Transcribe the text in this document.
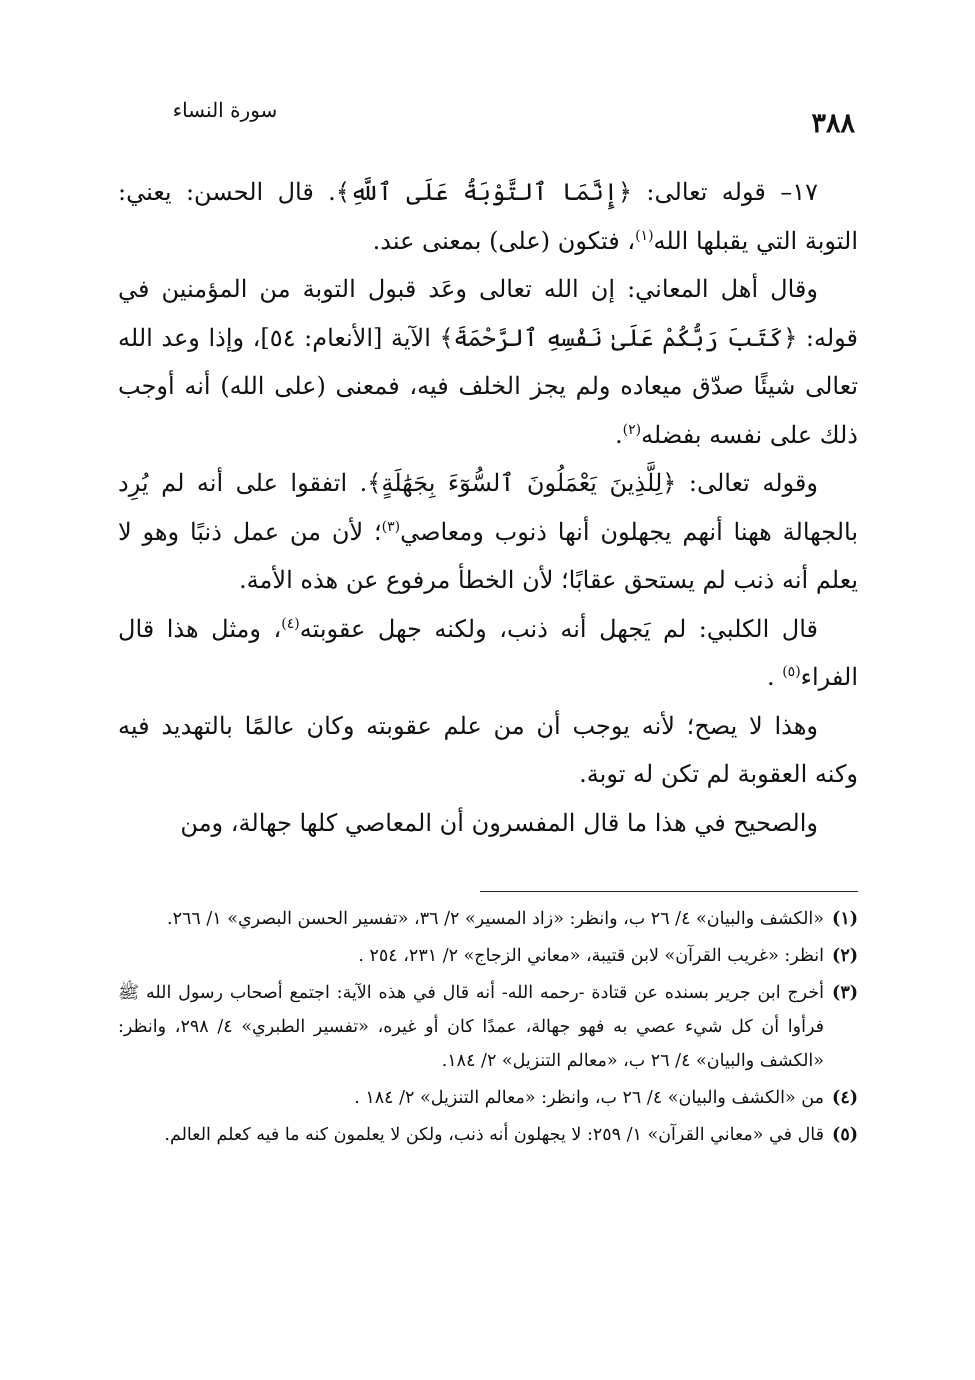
سورة النساء	٣٨٨

١٧– قوله تعالى: ﴿إِنَّمَا ٱلتَّوْبَةُ عَلَى ٱللَّهِ﴾. قال الحسن: يعني: التوبة التي يقبلها الله$^{(١)}$، فتكون (على) بمعنى عند.

وقال أهل المعاني: إن الله تعالى وعَد قبول التوبة من المؤمنين في قوله: ﴿كَتَبَ رَبُّكُمْ عَلَىٰ نَفْسِهِ ٱلرَّحْمَةَ﴾ الآية [الأنعام: ٥٤]، وإذا وعد الله تعالى شيئًا صدّق ميعاده ولم يجز الخلف فيه، فمعنى (على الله) أنه أوجب ذلك على نفسه بفضله$^{(٢)}$.

وقوله تعالى: ﴿لِلَّذِينَ يَعْمَلُونَ ٱلسُّوٓءَ بِجَهَٰلَةٍ﴾. اتفقوا على أنه لم يُرِد بالجهالة ههنا أنهم يجهلون أنها ذنوب ومعاصي$^{(٣)}$؛ لأن من عمل ذنبًا وهو لا يعلم أنه ذنب لم يستحق عقابًا؛ لأن الخطأ مرفوع عن هذه الأمة.

قال الكلبي: لم يَجهل أنه ذنب، ولكنه جهل عقوبته$^{(٤)}$، ومثل هذا قال الفراء$^{(٥)}$ .

وهذا لا يصح؛ لأنه يوجب أن من علم عقوبته وكان عالمًا بالتهديد فيه وكنه العقوبة لم تكن له توبة.

والصحيح في هذا ما قال المفسرون أن المعاصي كلها جهالة، ومن

(١)
«الكشف والبيان» ٤/ ٢٦ ب، وانظر: «زاد المسير» ٢/ ٣٦، «تفسير الحسن البصري» ١/ ٢٦٦.
(٢)
انظر: «غريب القرآن» لابن قتيبة، «معاني الزجاج» ٢/ ٢٣١، ٢٥٤ .
(٣)
أخرج ابن جرير بسنده عن قتادة -رحمه الله- أنه قال في هذه الآية: اجتمع أصحاب رسول الله ﷺ فرأوا أن كل شيء عصي به فهو جهالة، عمدًا كان أو غيره، «تفسير الطبري» ٤/ ٢٩٨، وانظر: «الكشف والبيان» ٤/ ٢٦ ب، «معالم التنزيل» ٢/ ١٨٤.
(٤)
من «الكشف والبيان» ٤/ ٢٦ ب، وانظر: «معالم التنزيل» ٢/ ١٨٤ .
(٥)
قال في «معاني القرآن» ١/ ٢٥٩: لا يجهلون أنه ذنب، ولكن لا يعلمون كنه ما فيه كعلم العالم.
